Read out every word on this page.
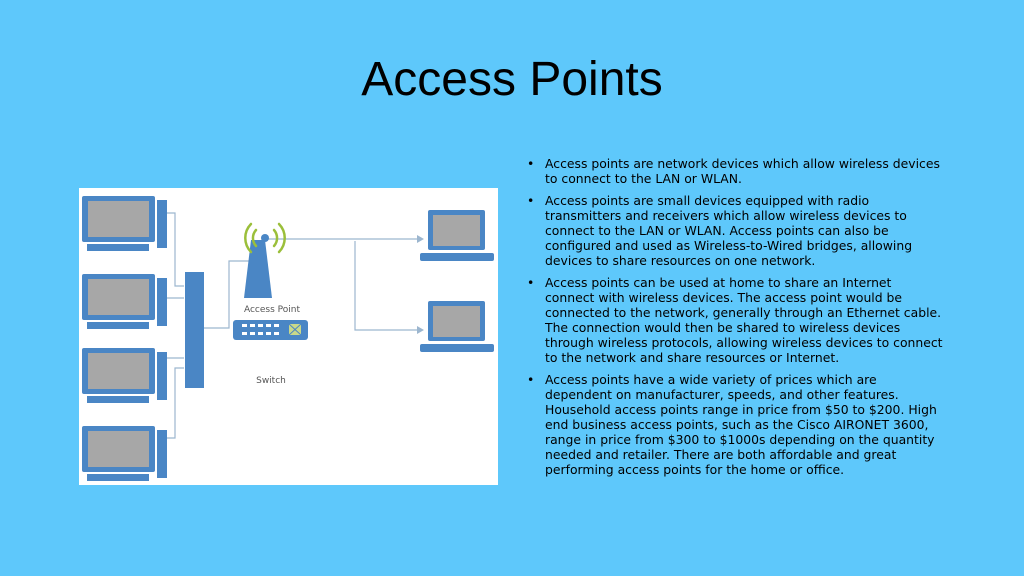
Access Points
Access Point
Switch
• Access points are network devices which allow wireless devices to connect to the LAN or WLAN.
• Access points are small devices equipped with radio transmitters and receivers which allow wireless devices to connect to the LAN or WLAN. Access points can also be configured and used as Wireless-to-Wired bridges, allowing devices to share resources on one network.
• Access points can be used at home to share an Internet connect with wireless devices. The access point would be connected to the network, generally through an Ethernet cable. The connection would then be shared to wireless devices through wireless protocols, allowing wireless devices to connect to the network and share resources or Internet.
• Access points have a wide variety of prices which are dependent on manufacturer, speeds, and other features. Household access points range in price from $50 to $200. High end business access points, such as the Cisco AIRONET 3600, range in price from $300 to $1000s depending on the quantity needed and retailer. There are both affordable and great performing access points for the home or office.
